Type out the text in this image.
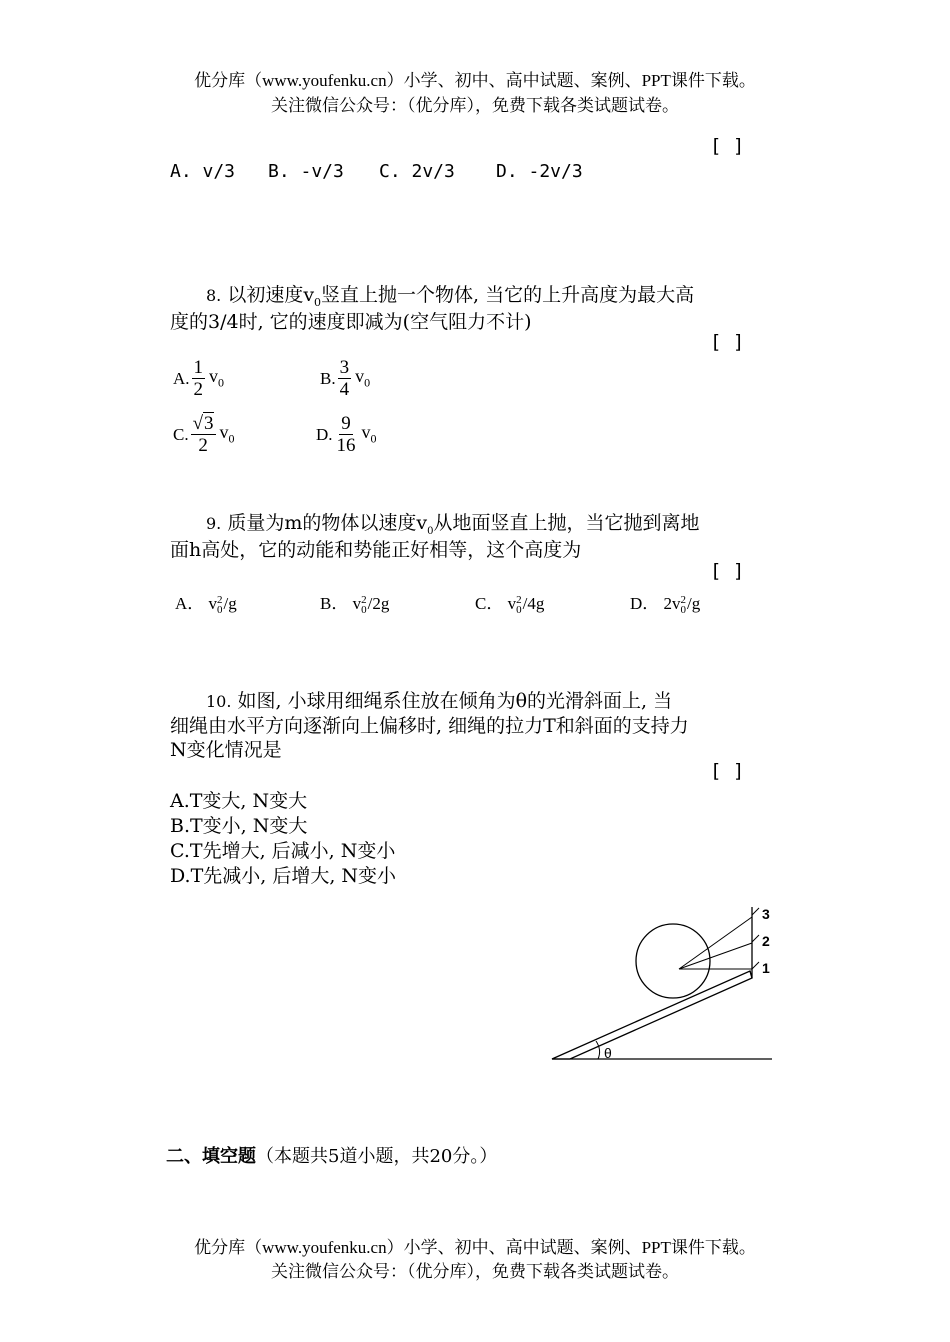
优分库（www.youfenku.cn）小学、初中、高中试题、案例、PPT课件下载。
关注微信公众号：（优分库），免费下载各类试题试卷。
[ ]
A. v/3 B. -v/3 C. 2v/3 D. -2v/3
8. 以初速度$v_0$竖直上抛一个物体, 当它的上升高度为最大高
度的3/4时, 它的速度即减为(空气阻力不计)
[ ]
A. $\frac{1}{2} v_0$	B. $\frac{3}{4} v_0$
C. $\frac{√3}{2} v_0$	D. $\frac{9}{16} v_0$
9. 质量为m的物体以速度$v_0$从地面竖直上抛，当它抛到离地
面h高处，它的动能和势能正好相等，这个高度为
[ ]
A． v 2
0 /g	B． v 2
0 /2g	C． v 2
0 /4g	D． 2v 2
0 /g
10. 如图, 小球用细绳系住放在倾角为θ的光滑斜面上, 当
细绳由水平方向逐渐向上偏移时, 细绳的拉力T和斜面的支持力
N变化情况是
[ ]
A.T变大, N变大
B.T变小, N变大
C.T先增大, 后减小, N变小
D.T先减小, 后增大, N变小
3
2
1
θ
二、填空题（本题共5道小题，共20分。）
优分库（www.youfenku.cn）小学、初中、高中试题、案例、PPT课件下载。
关注微信公众号：（优分库），免费下载各类试题试卷。
